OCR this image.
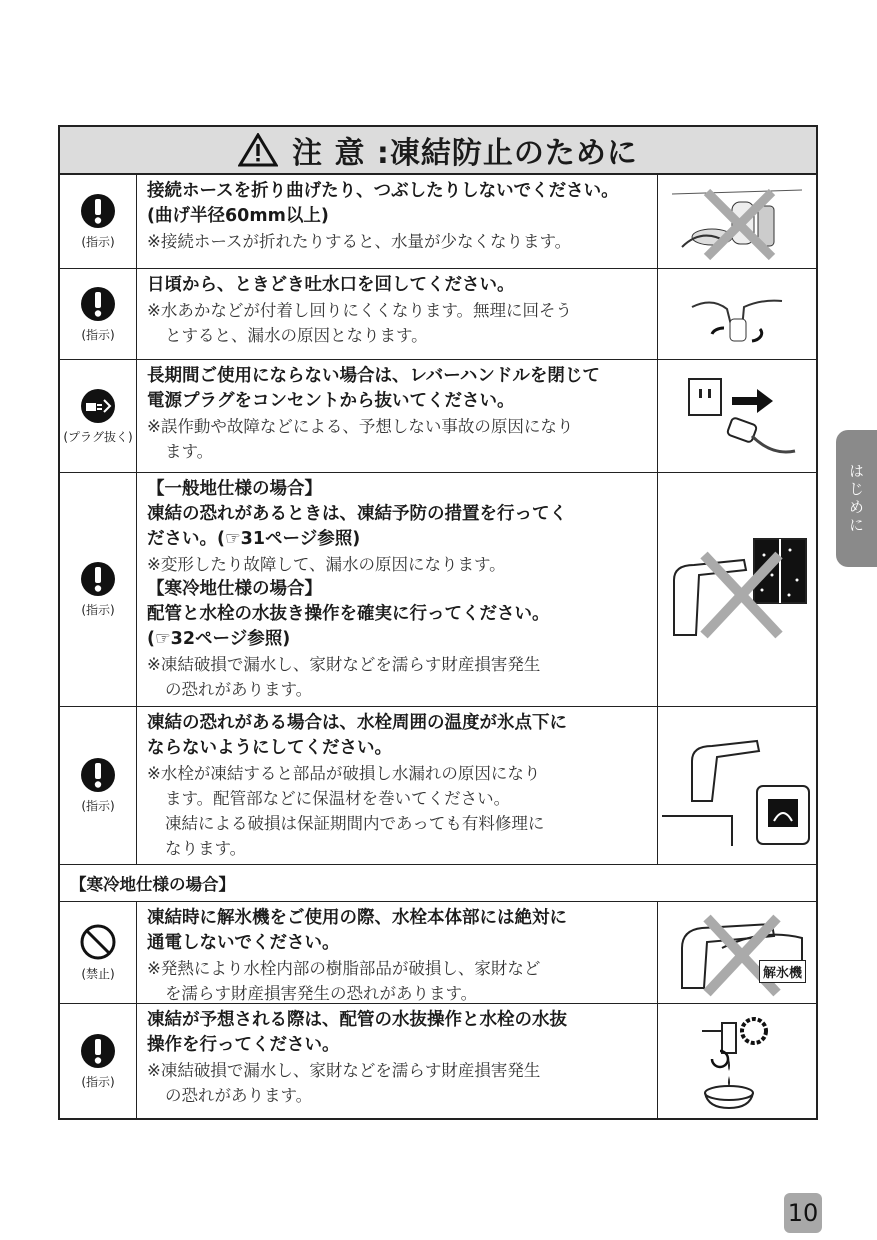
注 意 :凍結防止のために
(指示)
接続ホースを折り曲げたり、つぶしたりしないでください。
(曲げ半径60mm以上)
※接続ホースが折れたりすると、水量が少なくなります。
(指示)
日頃から、ときどき吐水口を回してください。
※水あかなどが付着し回りにくくなります。無理に回そう
とすると、漏水の原因となります。
(プラグ抜く)
長期間ご使用にならない場合は、レバーハンドルを閉じて
電源プラグをコンセントから抜いてください。
※誤作動や故障などによる、予想しない事故の原因になり
ます。
(指示)
【一般地仕様の場合】
凍結の恐れがあるときは、凍結予防の措置を行ってく
ださい。(☞31ページ参照)
※変形したり故障して、漏水の原因になります。
【寒冷地仕様の場合】
配管と水栓の水抜き操作を確実に行ってください。
(☞32ページ参照)
※凍結破損で漏水し、家財などを濡らす財産損害発生
の恐れがあります。
(指示)
凍結の恐れがある場合は、水栓周囲の温度が氷点下に
ならないようにしてください。
※水栓が凍結すると部品が破損し水漏れの原因になり
ます。配管部などに保温材を巻いてください。
凍結による破損は保証期間内であっても有料修理に
なります。
【寒冷地仕様の場合】
(禁止)
凍結時に解氷機をご使用の際、水栓本体部には絶対に
通電しないでください。
※発熱により水栓内部の樹脂部品が破損し、家財など
を濡らす財産損害発生の恐れがあります。
解氷機
(指示)
凍結が予想される際は、配管の水抜操作と水栓の水抜
操作を行ってください。
※凍結破損で漏水し、家財などを濡らす財産損害発生
の恐れがあります。
はじめに
10
